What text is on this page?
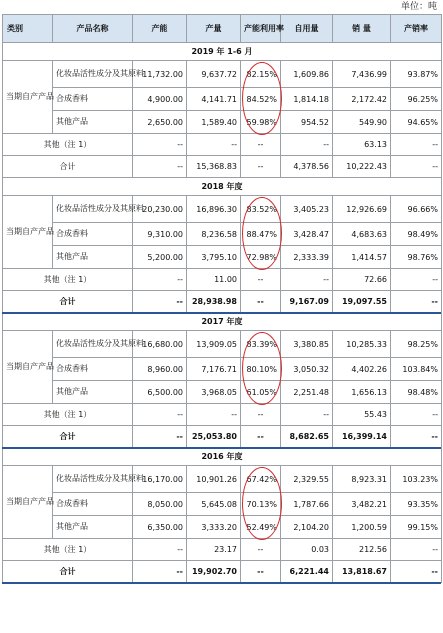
单位：吨
类别	产品名称	产能	产量	产能利用率	自用量	销 量	产销率
2019 年 1-6 月							
当期自产产品	化妆品活性成分及其原料	11,732.00	9,637.72	82.15%	1,609.86	7,436.99	93.87%
	合成香料	4,900.00	4,141.71	84.52%	1,814.18	2,172.42	96.25%
	其他产品	2,650.00	1,589.40	59.98%	954.52	549.90	94.65%
其他（注 1）		--	--	--	--	63.13	--
合计		--	15,368.83	--	4,378.56	10,222.43	--
2018 年度							
当期自产产品	化妆品活性成分及其原料	20,230.00	16,896.30	83.52%	3,405.23	12,926.69	96.66%
	合成香料	9,310.00	8,236.58	88.47%	3,428.47	4,683.63	98.49%
	其他产品	5,200.00	3,795.10	72.98%	2,333.39	1,414.57	98.76%
其他（注 1）		--	11.00	--	--	72.66	--
合计		--	28,938.98	--	9,167.09	19,097.55	--
2017 年度							
当期自产产品	化妆品活性成分及其原料	16,680.00	13,909.05	83.39%	3,380.85	10,285.33	98.25%
	合成香料	8,960.00	7,176.71	80.10%	3,050.32	4,402.26	103.84%
	其他产品	6,500.00	3,968.05	61.05%	2,251.48	1,656.13	98.48%
其他（注 1）		--	--	--	--	55.43	--
合计		--	25,053.80	--	8,682.65	16,399.14	--
2016 年度							
当期自产产品	化妆品活性成分及其原料	16,170.00	10,901.26	67.42%	2,329.55	8,923.31	103.23%
	合成香料	8,050.00	5,645.08	70.13%	1,787.66	3,482.21	93.35%
	其他产品	6,350.00	3,333.20	52.49%	2,104.20	1,200.59	99.15%
其他（注 1）		--	23.17	--	0.03	212.56	--
合计		--	19,902.70	--	6,221.44	13,818.67	--
